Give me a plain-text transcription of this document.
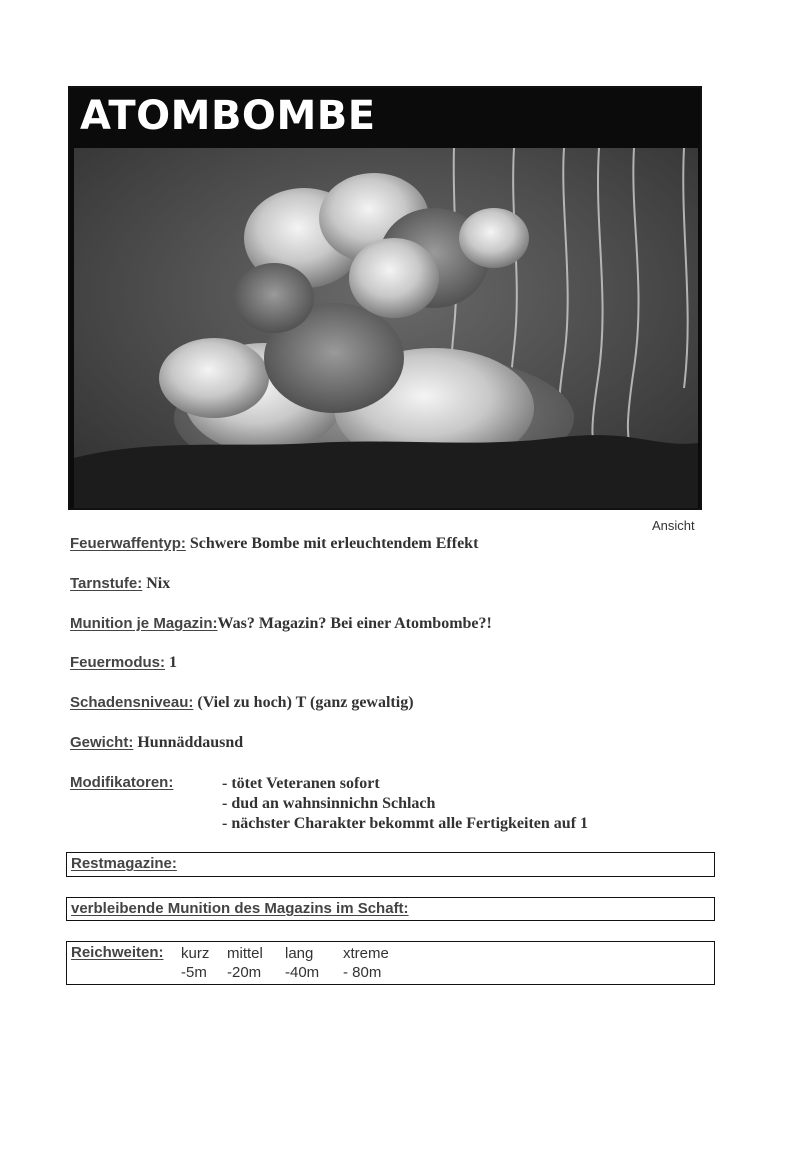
ATOMBOMBE
Ansicht
Feuerwaffentyp: Schwere Bombe mit erleuchtendem Effekt
Tarnstufe: Nix
Munition je Magazin:Was? Magazin? Bei einer Atombombe?!
Feuermodus: 1
Schadensniveau: (Viel zu hoch) T (ganz gewaltig)
Gewicht: Hunnäddausnd
Modifikatoren:	- tötet Veteranen sofort
- dud an wahnsinnichn Schlach
- nächster Charakter bekommt alle Fertigkeiten auf 1
Restmagazine:
verbleibende Munition des Magazins im Schaft:
Reichweiten: kurz
-5m
mittel
-20m
lang
-40m
xtreme
- 80m
